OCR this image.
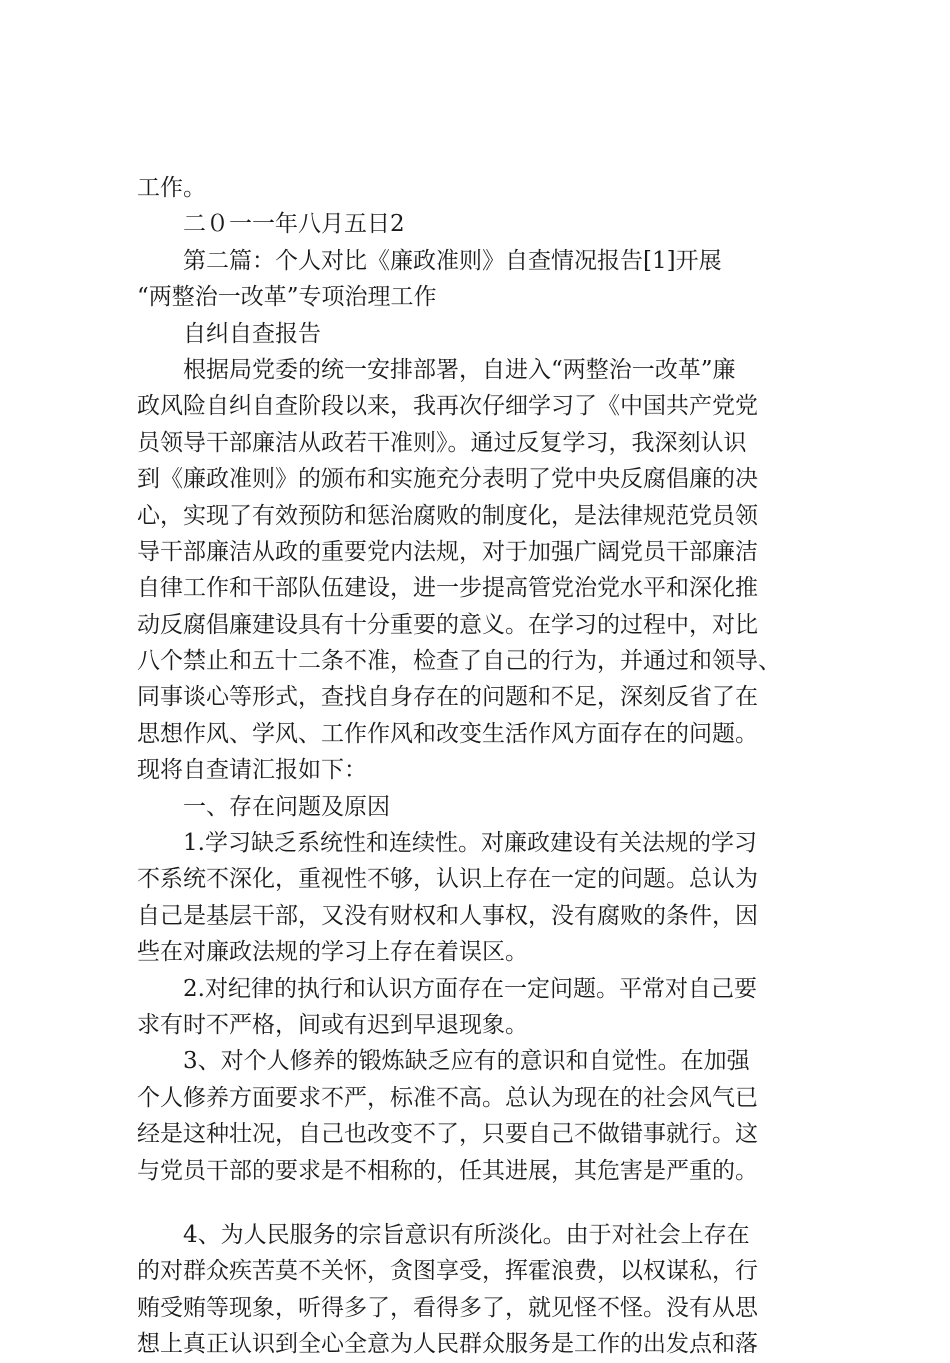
工作。
二０一一年八月五日2
第二篇：个人对比《廉政准则》自查情况报告[1]开展
“两整治一改革”专项治理工作
自纠自查报告
根据局党委的统一安排部署，自进入“两整治一改革”廉
政风险自纠自查阶段以来，我再次仔细学习了《中国共产党党
员领导干部廉洁从政若干准则》。通过反复学习，我深刻认识
到《廉政准则》的颁布和实施充分表明了党中央反腐倡廉的决
心，实现了有效预防和惩治腐败的制度化，是法律规范党员领
导干部廉洁从政的重要党内法规，对于加强广阔党员干部廉洁
自律工作和干部队伍建设，进一步提高管党治党水平和深化推
动反腐倡廉建设具有十分重要的意义。在学习的过程中，对比
八个禁止和五十二条不准，检查了自己的行为，并通过和领导、
同事谈心等形式，查找自身存在的问题和不足，深刻反省了在
思想作风、学风、工作作风和改变生活作风方面存在的问题。
现将自查请汇报如下：
一、存在问题及原因
1.学习缺乏系统性和连续性。对廉政建设有关法规的学习
不系统不深化，重视性不够，认识上存在一定的问题。总认为
自己是基层干部，又没有财权和人事权，没有腐败的条件，因
些在对廉政法规的学习上存在着误区。
2.对纪律的执行和认识方面存在一定问题。平常对自己要
求有时不严格，间或有迟到早退现象。
3、对个人修养的锻炼缺乏应有的意识和自觉性。在加强
个人修养方面要求不严，标准不高。总认为现在的社会风气已
经是这种壮况，自己也改变不了，只要自己不做错事就行。这
与党员干部的要求是不相称的，任其进展，其危害是严重的。
4、为人民服务的宗旨意识有所淡化。由于对社会上存在
的对群众疾苦莫不关怀，贪图享受，挥霍浪费，以权谋私，行
贿受贿等现象，听得多了，看得多了，就见怪不怪。没有从思
想上真正认识到全心全意为人民群众服务是工作的出发点和落
